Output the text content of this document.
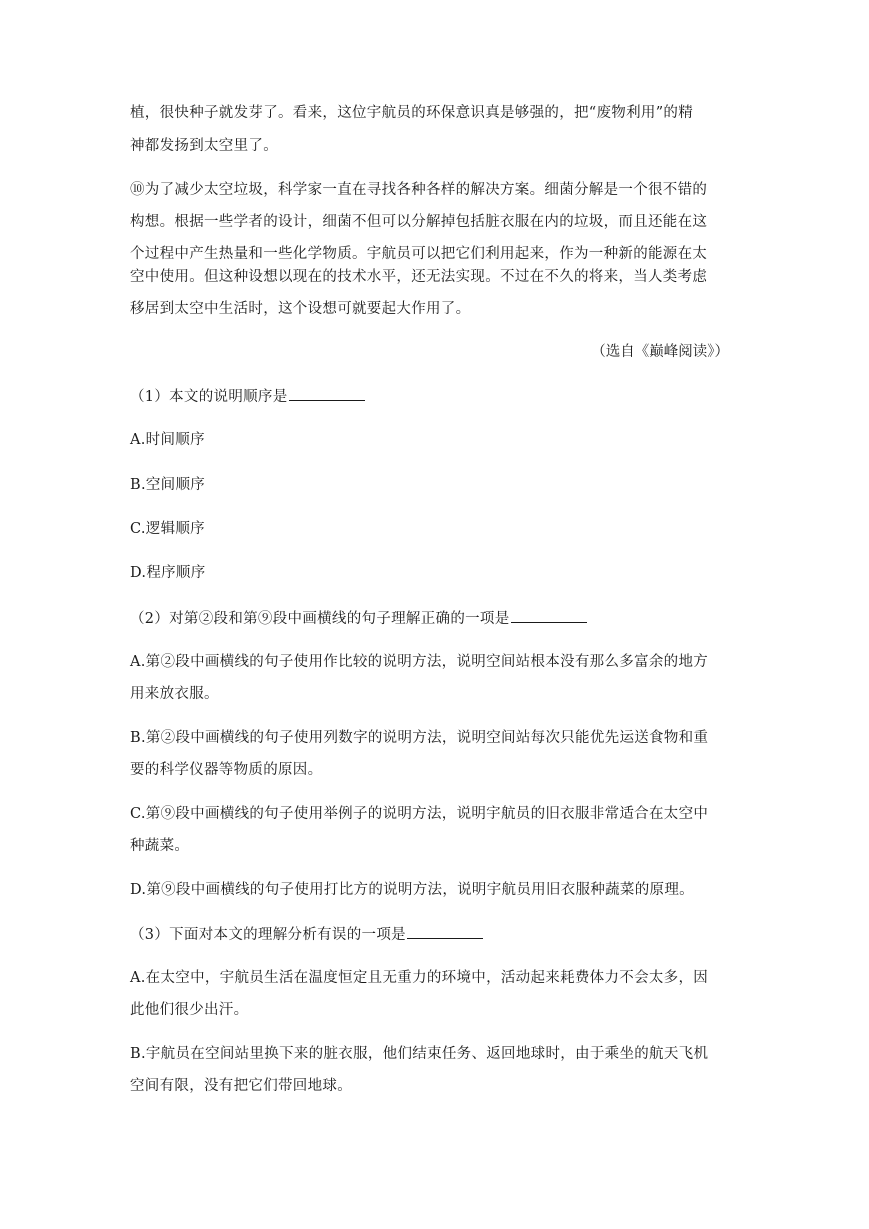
植，很快种子就发芽了。看来，这位宇航员的环保意识真是够强的，把“废物利用”的精
神都发扬到太空里了。
⑩为了减少太空垃圾，科学家一直在寻找各种各样的解决方案。细菌分解是一个很不错的
构想。根据一些学者的设计，细菌不但可以分解掉包括脏衣服在内的垃圾，而且还能在这
个过程中产生热量和一些化学物质。宇航员可以把它们利用起来，作为一种新的能源在太
空中使用。但这种设想以现在的技术水平，还无法实现。不过在不久的将来，当人类考虑
移居到太空中生活时，这个设想可就要起大作用了。
（选自《巅峰阅读》）
（1）本文的说明顺序是
A.时间顺序
B.空间顺序
C.逻辑顺序
D.程序顺序
（2）对第②段和第⑨段中画横线的句子理解正确的一项是
A.第②段中画横线的句子使用作比较的说明方法，说明空间站根本没有那么多富余的地方
用来放衣服。
B.第②段中画横线的句子使用列数字的说明方法，说明空间站每次只能优先运送食物和重
要的科学仪器等物质的原因。
C.第⑨段中画横线的句子使用举例子的说明方法，说明宇航员的旧衣服非常适合在太空中
种蔬菜。
D.第⑨段中画横线的句子使用打比方的说明方法，说明宇航员用旧衣服种蔬菜的原理。
（3）下面对本文的理解分析有误的一项是
A.在太空中，宇航员生活在温度恒定且无重力的环境中，活动起来耗费体力不会太多，因
此他们很少出汗。
B.宇航员在空间站里换下来的脏衣服，他们结束任务、返回地球时，由于乘坐的航天飞机
空间有限，没有把它们带回地球。
